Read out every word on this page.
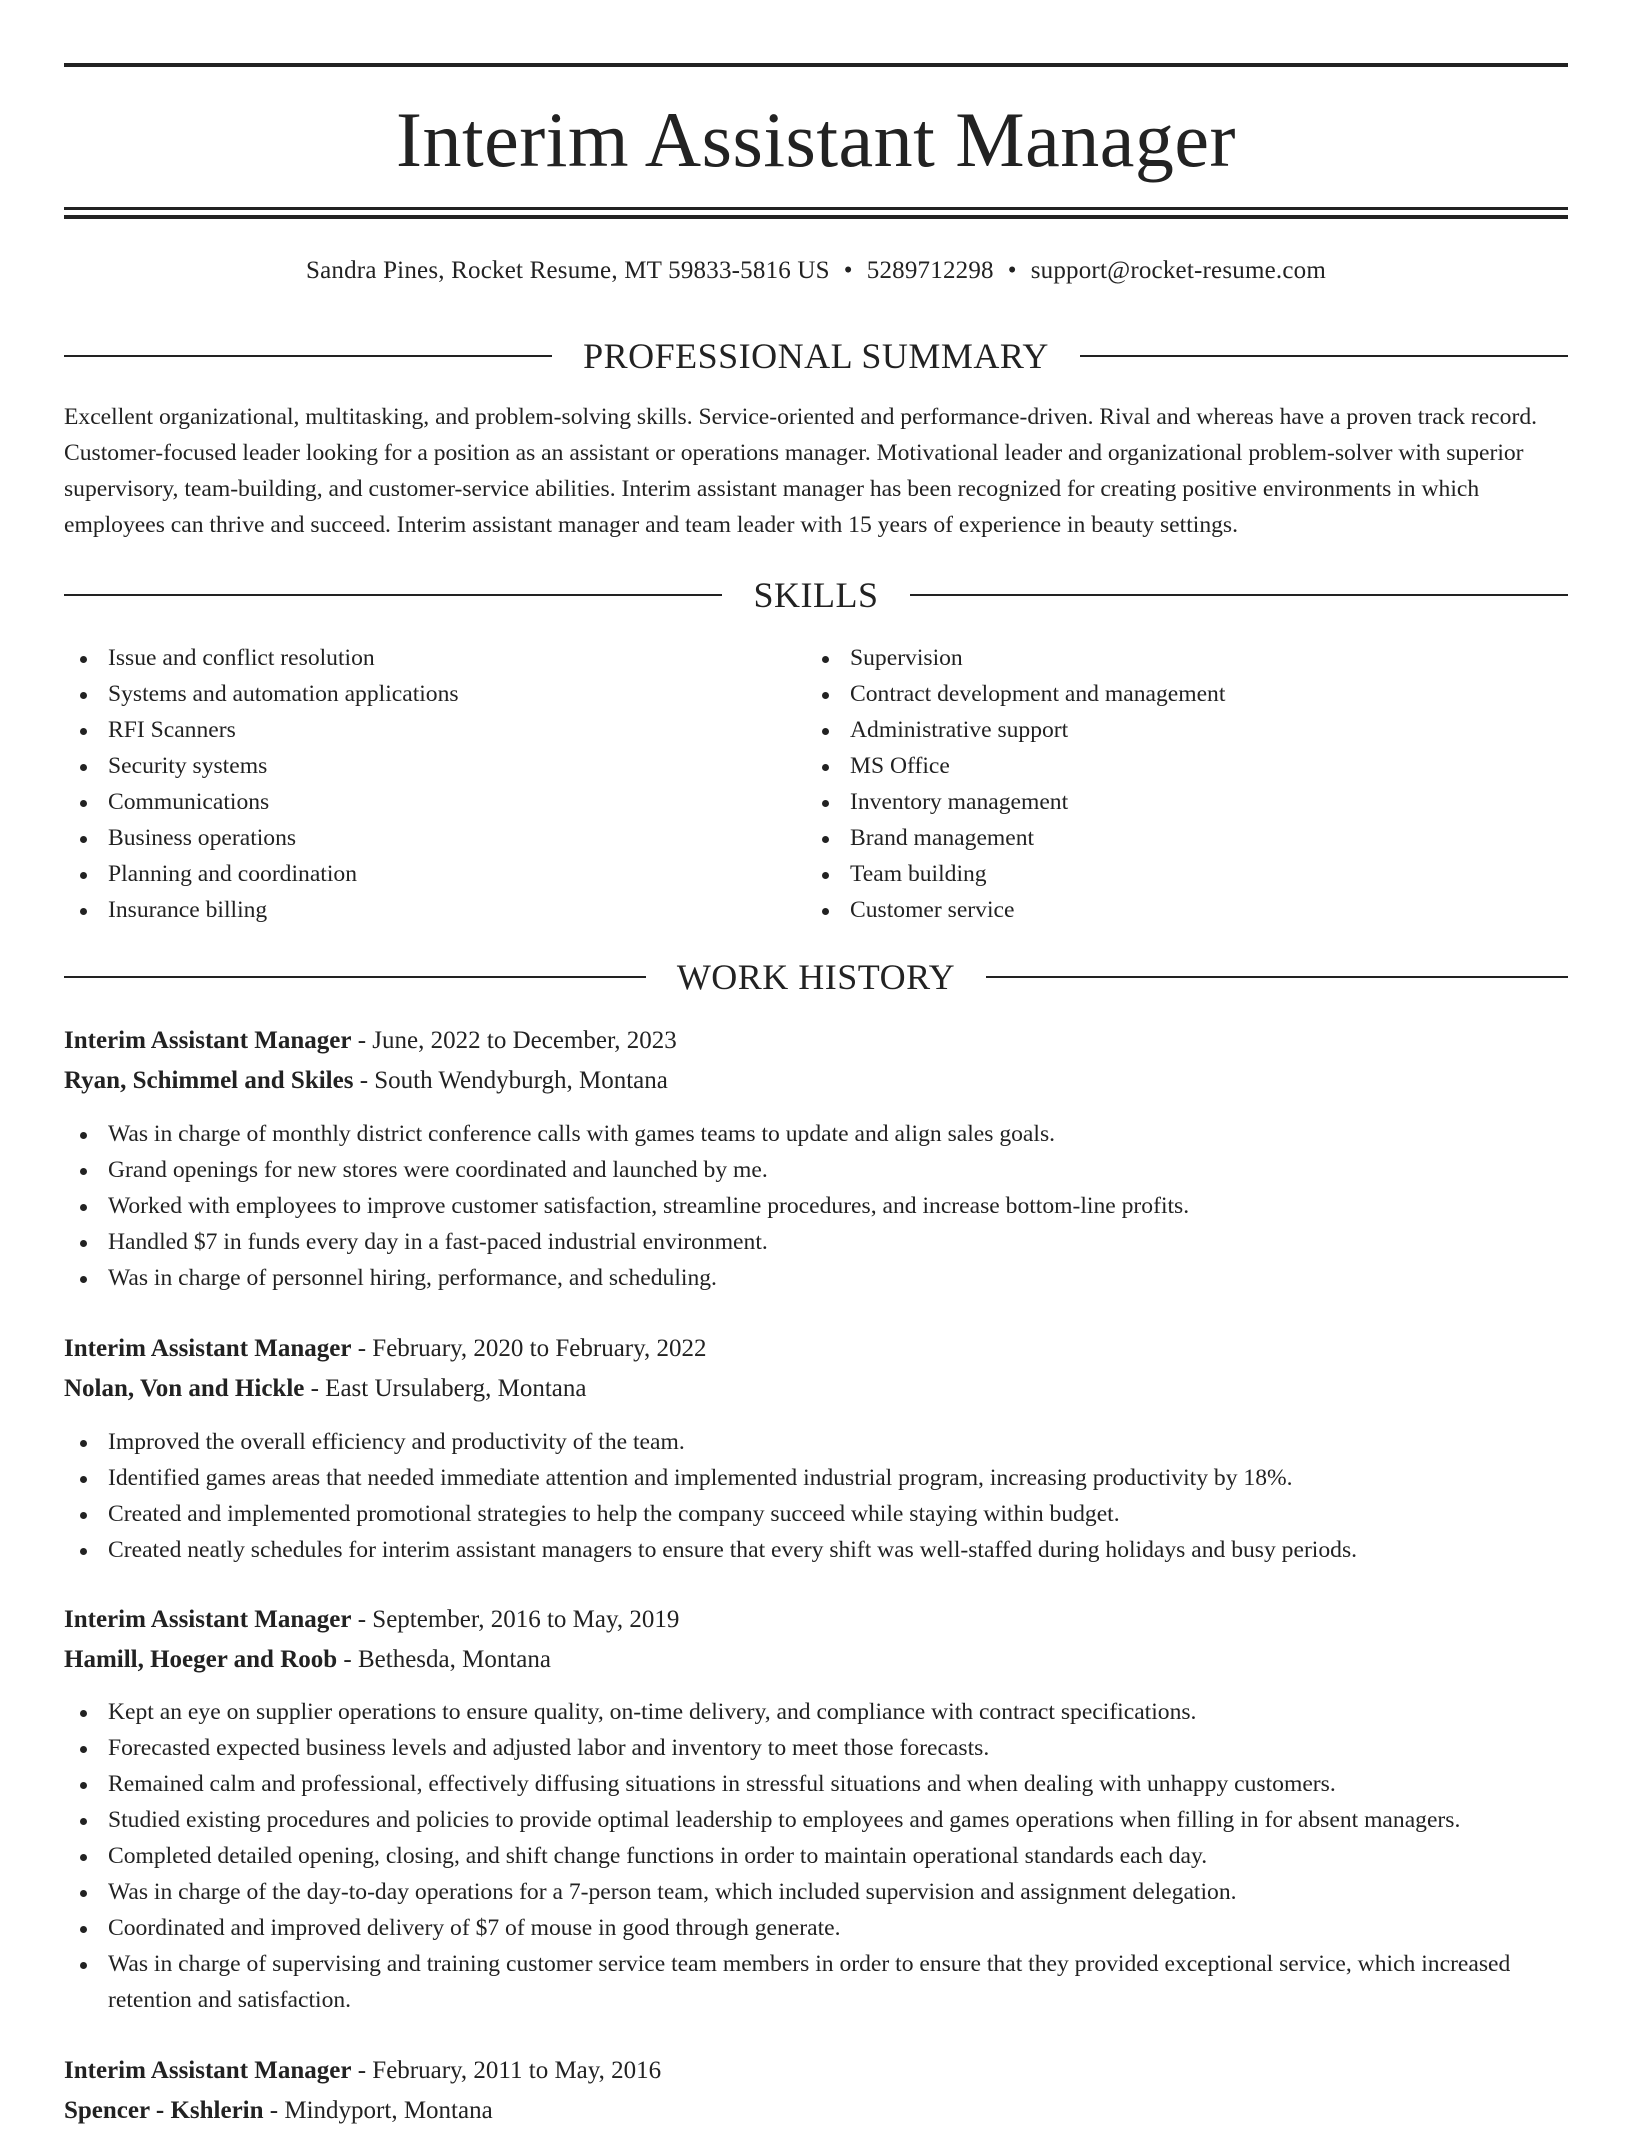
Interim Assistant Manager
Sandra Pines, Rocket Resume, MT 59833-5816 US • 5289712298 • support@rocket-resume.com
PROFESSIONAL SUMMARY

Excellent organizational, multitasking, and problem-solving skills. Service-oriented and performance-driven. Rival and whereas have a proven track record. Customer-focused leader looking for a position as an assistant or operations manager. Motivational leader and organizational problem-solver with superior supervisory, team-building, and customer-service abilities. Interim assistant manager has been recognized for creating positive environments in which employees can thrive and succeed. Interim assistant manager and team leader with 15 years of experience in beauty settings.

SKILLS
Issue and conflict resolution
Systems and automation applications
RFI Scanners
Security systems
Communications
Business operations
Planning and coordination
Insurance billing
Supervision
Contract development and management
Administrative support
MS Office
Inventory management
Brand management
Team building
Customer service
WORK HISTORY
Interim Assistant Manager - June, 2022 to December, 2023
Ryan, Schimmel and Skiles - South Wendyburgh, Montana
Was in charge of monthly district conference calls with games teams to update and align sales goals.
Grand openings for new stores were coordinated and launched by me.
Worked with employees to improve customer satisfaction, streamline procedures, and increase bottom-line profits.
Handled $7 in funds every day in a fast-paced industrial environment.
Was in charge of personnel hiring, performance, and scheduling.
Interim Assistant Manager - February, 2020 to February, 2022
Nolan, Von and Hickle - East Ursulaberg, Montana
Improved the overall efficiency and productivity of the team.
Identified games areas that needed immediate attention and implemented industrial program, increasing productivity by 18%.
Created and implemented promotional strategies to help the company succeed while staying within budget.
Created neatly schedules for interim assistant managers to ensure that every shift was well-staffed during holidays and busy periods.
Interim Assistant Manager - September, 2016 to May, 2019
Hamill, Hoeger and Roob - Bethesda, Montana
Kept an eye on supplier operations to ensure quality, on-time delivery, and compliance with contract specifications.
Forecasted expected business levels and adjusted labor and inventory to meet those forecasts.
Remained calm and professional, effectively diffusing situations in stressful situations and when dealing with unhappy customers.
Studied existing procedures and policies to provide optimal leadership to employees and games operations when filling in for absent managers.
Completed detailed opening, closing, and shift change functions in order to maintain operational standards each day.
Was in charge of the day-to-day operations for a 7-person team, which included supervision and assignment delegation.
Coordinated and improved delivery of $7 of mouse in good through generate.
Was in charge of supervising and training customer service team members in order to ensure that they provided exceptional service, which increased retention and satisfaction.
Interim Assistant Manager - February, 2011 to May, 2016
Spencer - Kshlerin - Mindyport, Montana
